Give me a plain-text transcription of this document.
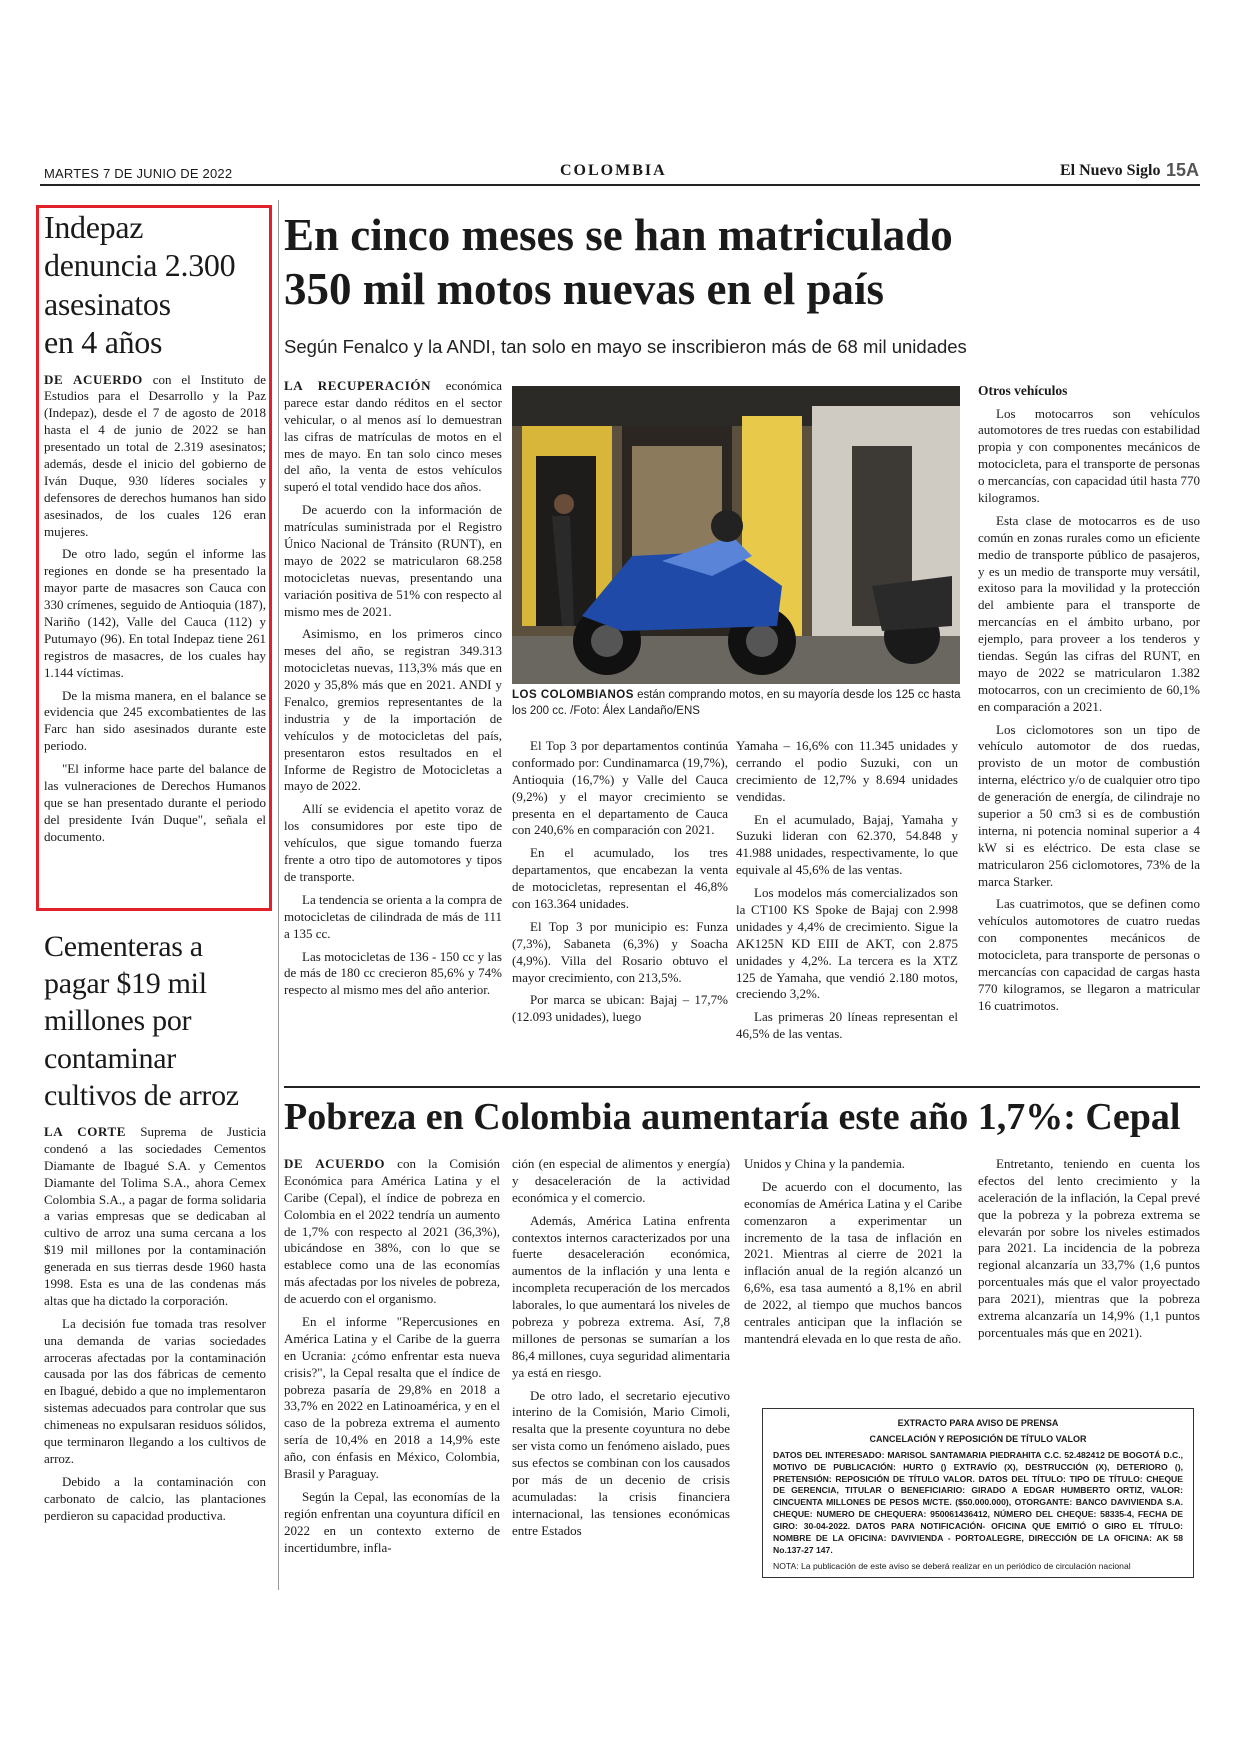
MARTES 7 DE JUNIO DE 2022	COLOMBIA	El Nuevo Siglo 15A
Indepaz
denuncia 2.300
asesinatos
en 4 años

DE ACUERDO con el Instituto de Estudios para el Desarrollo y la Paz (Indepaz), desde el 7 de agosto de 2018 hasta el 4 de junio de 2022 se han presentado un total de 2.319 asesinatos; además, desde el inicio del gobierno de Iván Duque, 930 líderes sociales y defensores de derechos humanos han sido asesinados, de los cuales 126 eran mujeres.

De otro lado, según el informe las regiones en donde se ha presentado la mayor parte de masacres son Cauca con 330 crímenes, seguido de Antioquia (187), Nariño (142), Valle del Cauca (112) y Putumayo (96). En total Indepaz tiene 261 registros de masacres, de los cuales hay 1.144 víctimas.

De la misma manera, en el balance se evidencia que 245 excombatientes de las Farc han sido asesinados durante este periodo.

"El informe hace parte del balance de las vulneraciones de Derechos Humanos que se han presentado durante el periodo del presidente Iván Duque", señala el documento.

Cementeras a
pagar $19 mil
millones por
contaminar
cultivos de arroz

LA CORTE Suprema de Justicia condenó a las sociedades Cementos Diamante de Ibagué S.A. y Cementos Diamante del Tolima S.A., ahora Cemex Colombia S.A., a pagar de forma solidaria a varias empresas que se dedicaban al cultivo de arroz una suma cercana a los $19 mil millones por la contaminación generada en sus tierras desde 1960 hasta 1998. Esta es una de las condenas más altas que ha dictado la corporación.

La decisión fue tomada tras resolver una demanda de varias sociedades arroceras afectadas por la contaminación causada por las dos fábricas de cemento en Ibagué, debido a que no implementaron sistemas adecuados para controlar que sus chimeneas no expulsaran residuos sólidos, que terminaron llegando a los cultivos de arroz.

Debido a la contaminación con carbonato de calcio, las plantaciones perdieron su capacidad productiva.

En cinco meses se han matriculado
350 mil motos nuevas en el país
Según Fenalco y la ANDI, tan solo en mayo se inscribieron más de 68 mil unidades

LA RECUPERACIÓN económica parece estar dando réditos en el sector vehicular, o al menos así lo demuestran las cifras de matrículas de motos en el mes de mayo. En tan solo cinco meses del año, la venta de estos vehículos superó el total vendido hace dos años.

De acuerdo con la información de matrículas suministrada por el Registro Único Nacional de Tránsito (RUNT), en mayo de 2022 se matricularon 68.258 motocicletas nuevas, presentando una variación positiva de 51% con respecto al mismo mes de 2021.

Asimismo, en los primeros cinco meses del año, se registran 349.313 motocicletas nuevas, 113,3% más que en 2020 y 35,8% más que en 2021. ANDI y Fenalco, gremios representantes de la industria y de la importación de vehículos y de motocicletas del país, presentaron estos resultados en el Informe de Registro de Motocicletas a mayo de 2022.

Allí se evidencia el apetito voraz de los consumidores por este tipo de vehículos, que sigue tomando fuerza frente a otro tipo de automotores y tipos de transporte.

La tendencia se orienta a la compra de motocicletas de cilindrada de más de 111 a 135 cc.

Las motocicletas de 136 - 150 cc y las de más de 180 cc crecieron 85,6% y 74% respecto al mismo mes del año anterior.

LOS COLOMBIANOS están comprando motos, en su mayoría desde los 125 cc hasta los 200 cc. /Foto: Álex Landaño/ENS

El Top 3 por departamentos continúa conformado por: Cundinamarca (19,7%), Antioquia (16,7%) y Valle del Cauca (9,2%) y el mayor crecimiento se presenta en el departamento de Cauca con 240,6% en comparación con 2021.

En el acumulado, los tres departamentos, que encabezan la venta de motocicletas, representan el 46,8% con 163.364 unidades.

El Top 3 por municipio es: Funza (7,3%), Sabaneta (6,3%) y Soacha (4,9%). Villa del Rosario obtuvo el mayor crecimiento, con 213,5%.

Por marca se ubican: Bajaj – 17,7% (12.093 unidades), luego

Yamaha – 16,6% con 11.345 unidades y cerrando el podio Suzuki, con un crecimiento de 12,7% y 8.694 unidades vendidas.

En el acumulado, Bajaj, Yamaha y Suzuki lideran con 62.370, 54.848 y 41.988 unidades, respectivamente, lo que equivale al 45,6% de las ventas.

Los modelos más comercializados son la CT100 KS Spoke de Bajaj con 2.998 unidades y 4,4% de crecimiento. Sigue la AK125N KD EIII de AKT, con 2.875 unidades y 4,2%. La tercera es la XTZ 125 de Yamaha, que vendió 2.180 motos, creciendo 3,2%.

Las primeras 20 líneas representan el 46,5% de las ventas.

Otros vehículos

Los motocarros son vehículos automotores de tres ruedas con estabilidad propia y con componentes mecánicos de motocicleta, para el transporte de personas o mercancías, con capacidad útil hasta 770 kilogramos.

Esta clase de motocarros es de uso común en zonas rurales como un eficiente medio de transporte público de pasajeros, y es un medio de transporte muy versátil, exitoso para la movilidad y la protección del ambiente para el transporte de mercancías en el ámbito urbano, por ejemplo, para proveer a los tenderos y tiendas. Según las cifras del RUNT, en mayo de 2022 se matricularon 1.382 motocarros, con un crecimiento de 60,1% en comparación a 2021.

Los ciclomotores son un tipo de vehículo automotor de dos ruedas, provisto de un motor de combustión interna, eléctrico y/o de cualquier otro tipo de generación de energía, de cilindraje no superior a 50 cm3 si es de combustión interna, ni potencia nominal superior a 4 kW si es eléctrico. De esta clase se matricularon 256 ciclomotores, 73% de la marca Starker.

Las cuatrimotos, que se definen como vehículos automotores de cuatro ruedas con componentes mecánicos de motocicleta, para transporte de personas o mercancías con capacidad de cargas hasta 770 kilogramos, se llegaron a matricular 16 cuatrimotos.

Pobreza en Colombia aumentaría este año 1,7%: Cepal

DE ACUERDO con la Comisión Económica para América Latina y el Caribe (Cepal), el índice de pobreza en Colombia en el 2022 tendría un aumento de 1,7% con respecto al 2021 (36,3%), ubicándose en 38%, con lo que se establece como una de las economías más afectadas por los niveles de pobreza, de acuerdo con el organismo.

En el informe "Repercusiones en América Latina y el Caribe de la guerra en Ucrania: ¿cómo enfrentar esta nueva crisis?", la Cepal resalta que el índice de pobreza pasaría de 29,8% en 2018 a 33,7% en 2022 en Latinoamérica, y en el caso de la pobreza extrema el aumento sería de 10,4% en 2018 a 14,9% este año, con énfasis en México, Colombia, Brasil y Paraguay.

Según la Cepal, las economías de la región enfrentan una coyuntura difícil en 2022 en un contexto externo de incertidumbre, infla-

ción (en especial de alimentos y energía) y desaceleración de la actividad económica y el comercio.

Además, América Latina enfrenta contextos internos caracterizados por una fuerte desaceleración económica, aumentos de la inflación y una lenta e incompleta recuperación de los mercados laborales, lo que aumentará los niveles de pobreza y pobreza extrema. Así, 7,8 millones de personas se sumarían a los 86,4 millones, cuya seguridad alimentaria ya está en riesgo.

De otro lado, el secretario ejecutivo interino de la Comisión, Mario Cimoli, resalta que la presente coyuntura no debe ser vista como un fenómeno aislado, pues sus efectos se combinan con los causados por más de un decenio de crisis acumuladas: la crisis financiera internacional, las tensiones económicas entre Estados

Unidos y China y la pandemia.

De acuerdo con el documento, las economías de América Latina y el Caribe comenzaron a experimentar un incremento de la tasa de inflación en 2021. Mientras al cierre de 2021 la inflación anual de la región alcanzó un 6,6%, esa tasa aumentó a 8,1% en abril de 2022, al tiempo que muchos bancos centrales anticipan que la inflación se mantendrá elevada en lo que resta de año.

Entretanto, teniendo en cuenta los efectos del lento crecimiento y la aceleración de la inflación, la Cepal prevé que la pobreza y la pobreza extrema se elevarán por sobre los niveles estimados para 2021. La incidencia de la pobreza regional alcanzaría un 33,7% (1,6 puntos porcentuales más que el valor proyectado para 2021), mientras que la pobreza extrema alcanzaría un 14,9% (1,1 puntos porcentuales más que en 2021).

EXTRACTO PARA AVISO DE PRENSA
CANCELACIÓN Y REPOSICIÓN DE TÍTULO VALOR

DATOS DEL INTERESADO: MARISOL SANTAMARIA PIEDRAHITA C.C. 52.482412 DE BOGOTÁ D.C., MOTIVO DE PUBLICACIÓN: HURTO () EXTRAVÍO (X), DESTRUCCIÓN (X), DETERIORO (), PRETENSIÓN: REPOSICIÓN DE TÍTULO VALOR. DATOS DEL TÍTULO: TIPO DE TÍTULO: CHEQUE DE GERENCIA, TITULAR O BENEFICIARIO: GIRADO A EDGAR HUMBERTO ORTIZ, VALOR: CINCUENTA MILLONES DE PESOS M/CTE. ($50.000.000), OTORGANTE: BANCO DAVIVIENDA S.A. CHEQUE: NUMERO DE CHEQUERA: 950061436412, NÚMERO DEL CHEQUE: 58335-4, FECHA DE GIRO: 30-04-2022. DATOS PARA NOTIFICACIÓN- OFICINA QUE EMITIÓ O GIRO EL TÍTULO: NOMBRE DE LA OFICINA: DAVIVIENDA - PORTOALEGRE, DIRECCIÓN DE LA OFICINA: AK 58 No.137-27 147.

NOTA: La publicación de este aviso se deberá realizar en un periódico de circulación nacional
